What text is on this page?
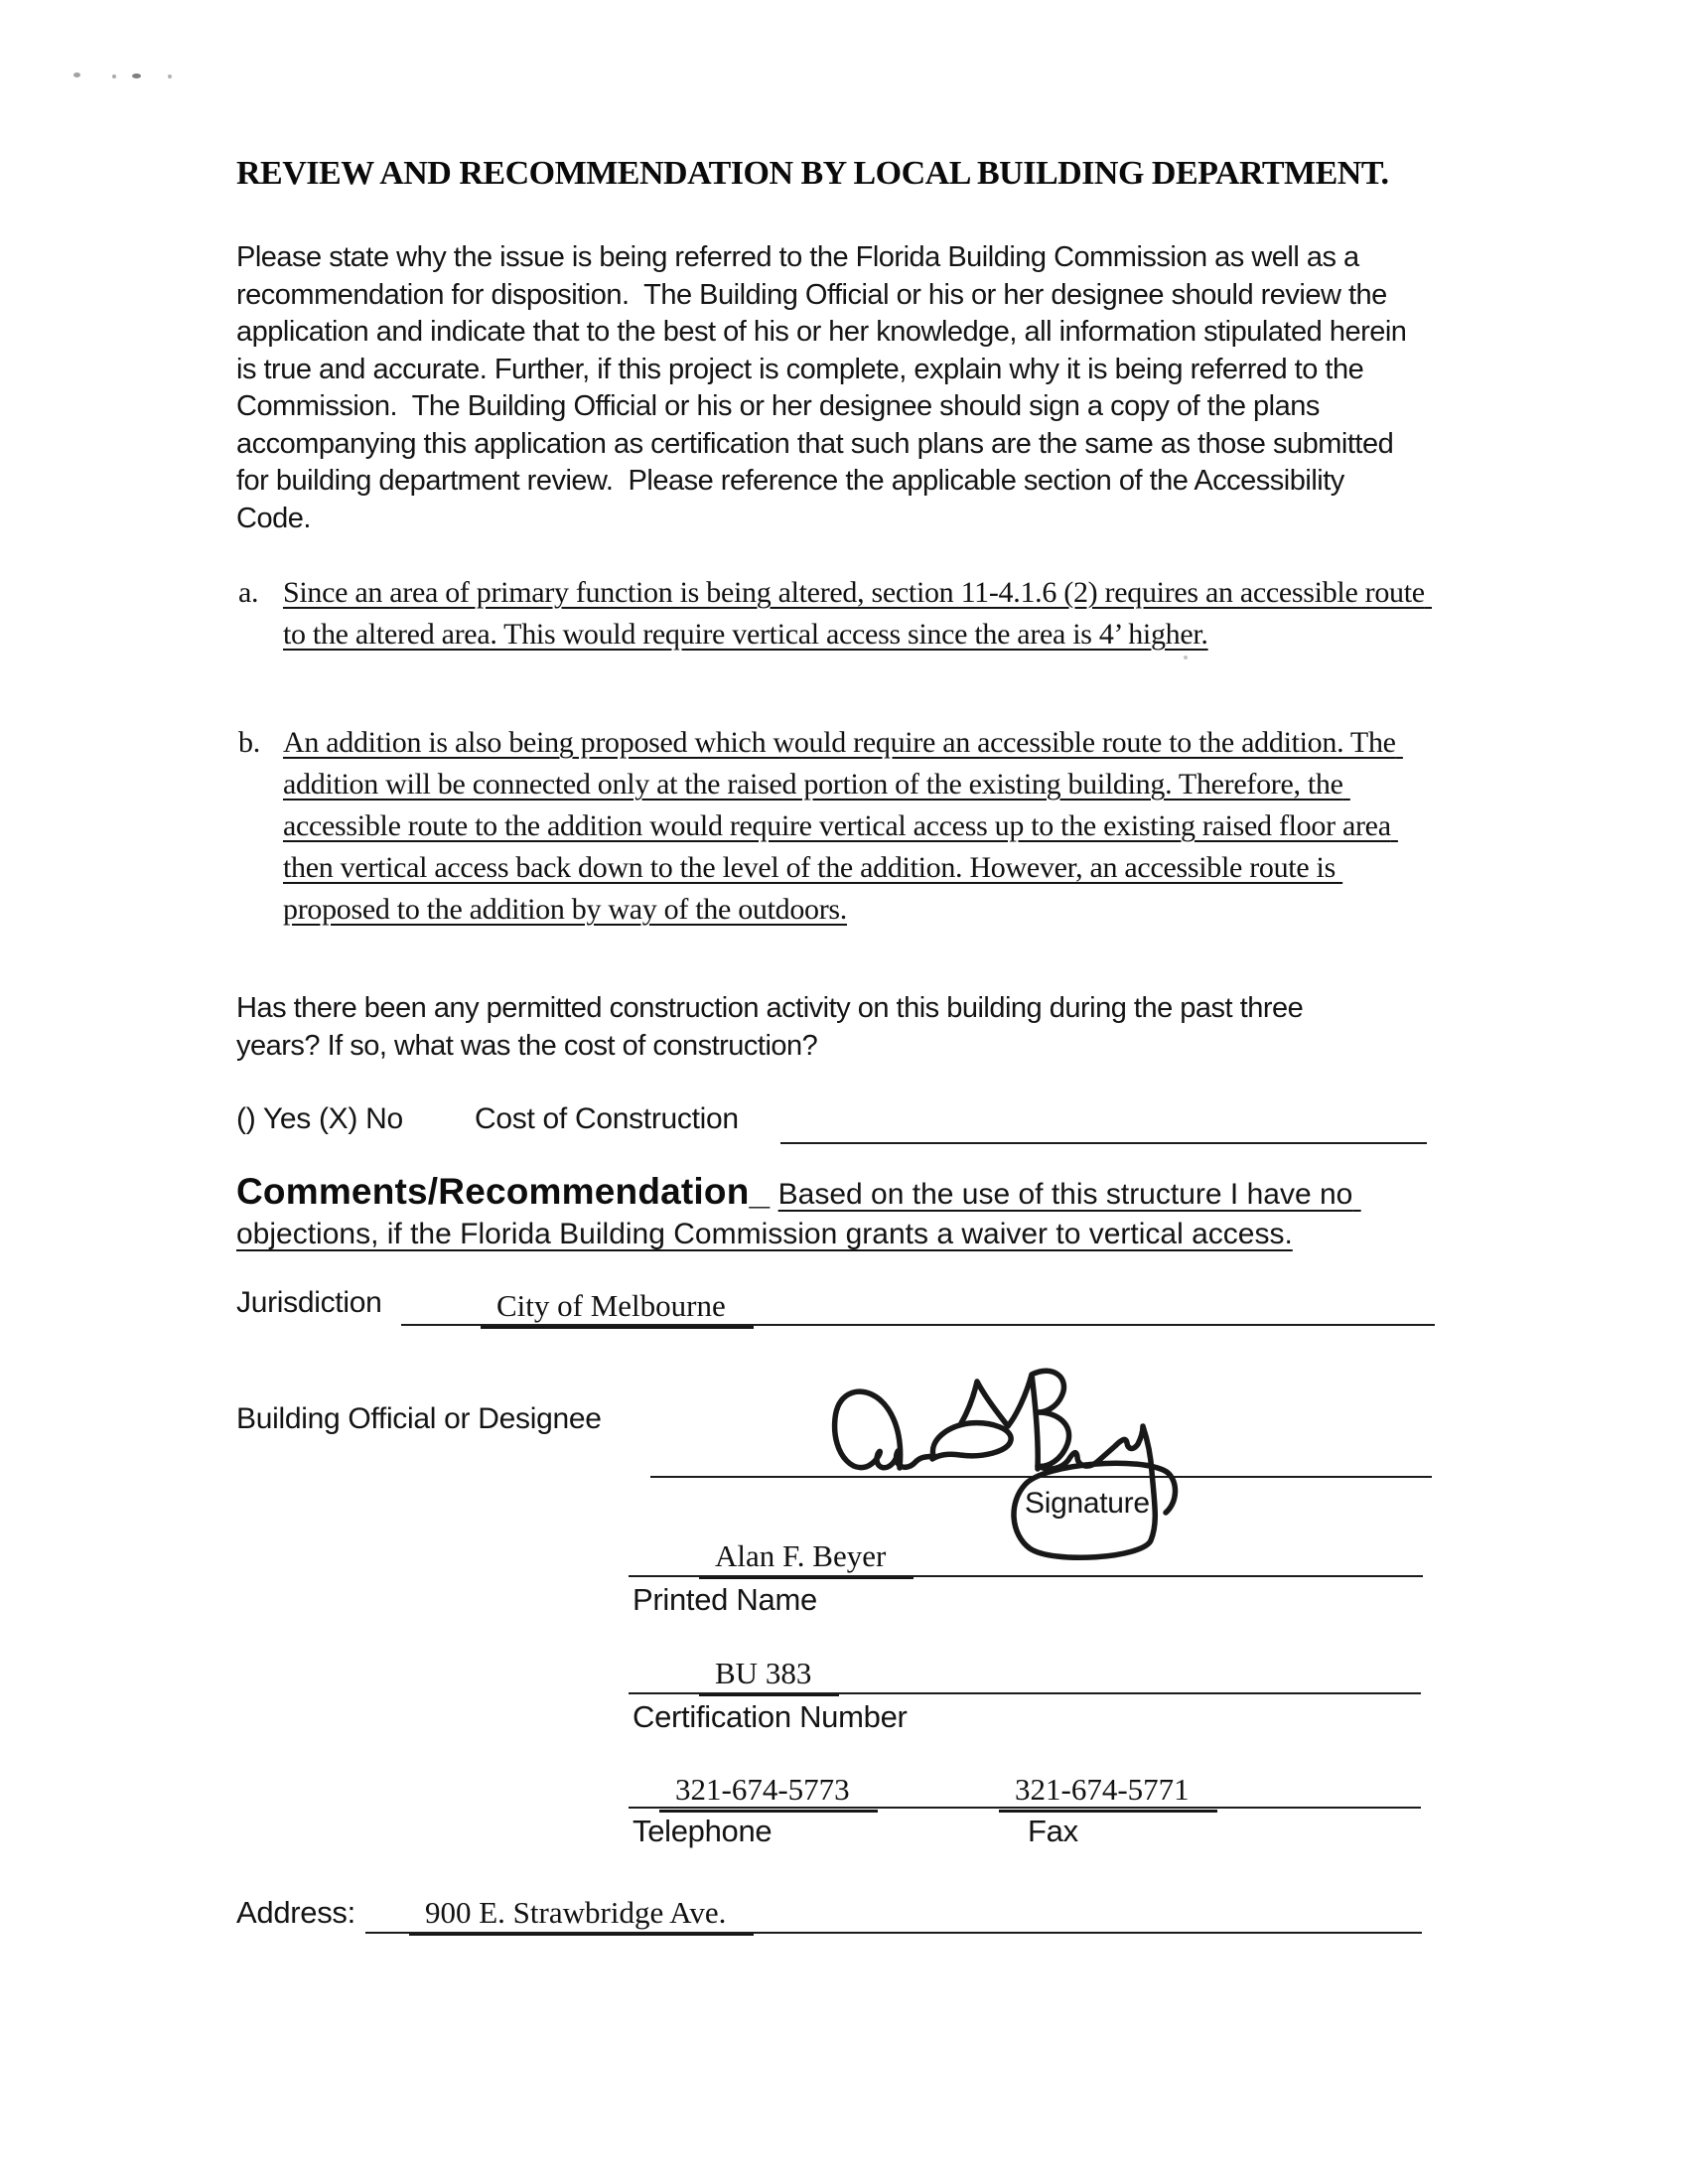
REVIEW AND RECOMMENDATION BY LOCAL BUILDING DEPARTMENT.
Please state why the issue is being referred to the Florida Building Commission as well as a recommendation for disposition.  The Building Official or his or her designee should review the application and indicate that to the best of his or her knowledge, all information stipulated herein is true and accurate. Further, if this project is complete, explain why it is being referred to the Commission.  The Building Official or his or her designee should sign a copy of the plans accompanying this application as certification that such plans are the same as those submitted for building department review.  Please reference the applicable section of the Accessibility Code.
a. Since an area of primary function is being altered, section 11-4.1.6 (2) requires an accessible route to the altered area. This would require vertical access since the area is 4’ higher.
b. An addition is also being proposed which would require an accessible route to the addition. The addition will be connected only at the raised portion of the existing building. Therefore, the accessible route to the addition would require vertical access up to the existing raised floor area then vertical access back down to the level of the addition. However, an accessible route is proposed to the addition by way of the outdoors.
Has there been any permitted construction activity on this building during the past three years? If so, what was the cost of construction?
() Yes (X) No Cost of Construction
Comments/Recommendation_ Based on the use of this structure I have no objections, if the Florida Building Commission grants a waiver to vertical access.
Jurisdiction	City of Melbourne
Building Official or Designee
Signature
Alan F. Beyer
Printed Name
BU 383
Certification Number
321-674-5773	321-674-5771
Telephone	Fax
Address:	900 E. Strawbridge Ave.
